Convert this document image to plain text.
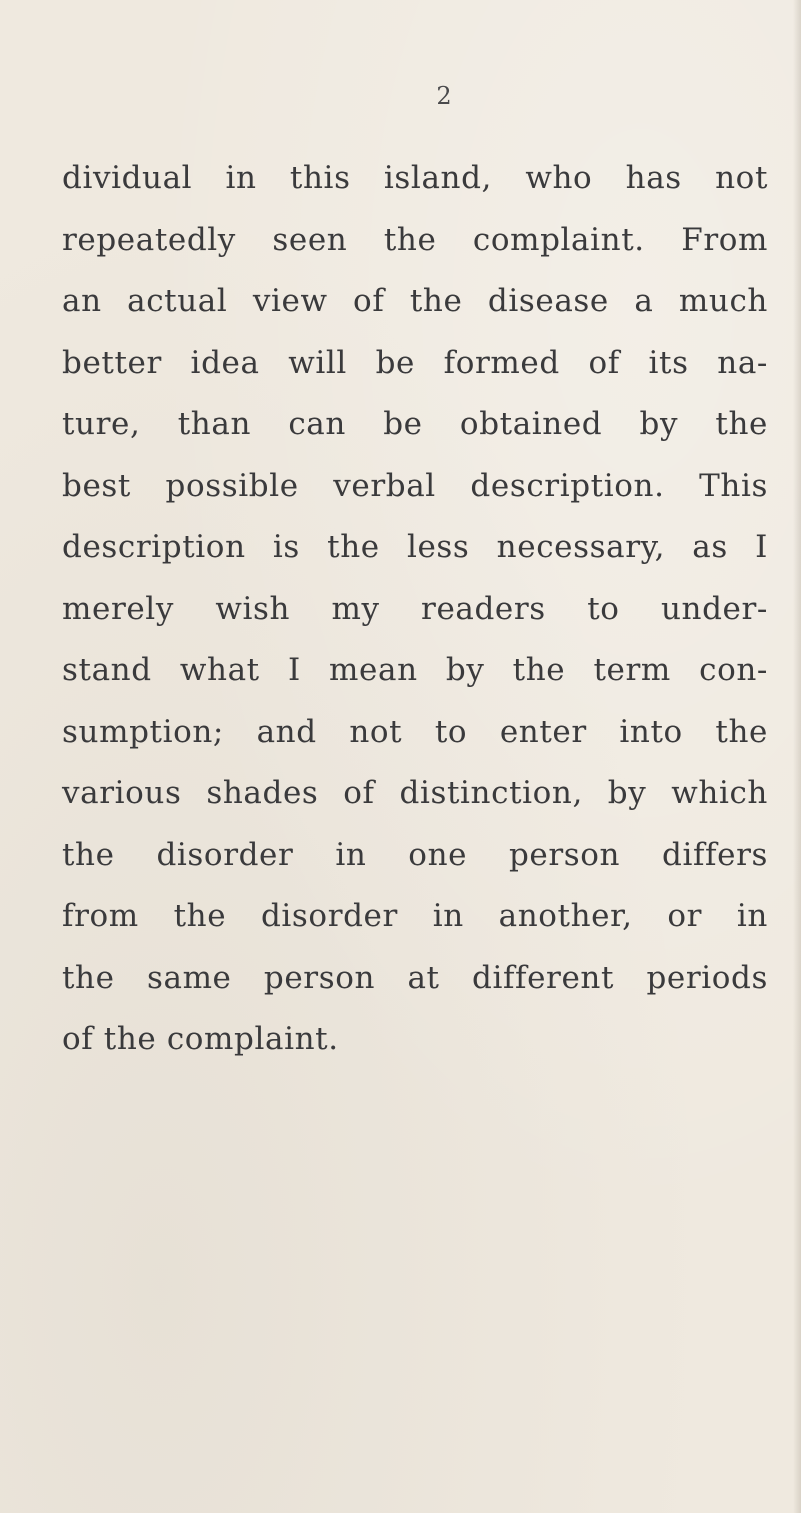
2
dividual in this island, who has not
repeatedly seen the complaint. From
an actual view of the disease a much
better idea will be formed of its na-
ture, than can be obtained by the
best possible verbal description. This
description is the less necessary, as I
merely wish my readers to under-
stand what I mean by the term con-
sumption; and not to enter into the
various shades of distinction, by which
the disorder in one person differs
from the disorder in another, or in
the same person at different periods
of the complaint.
